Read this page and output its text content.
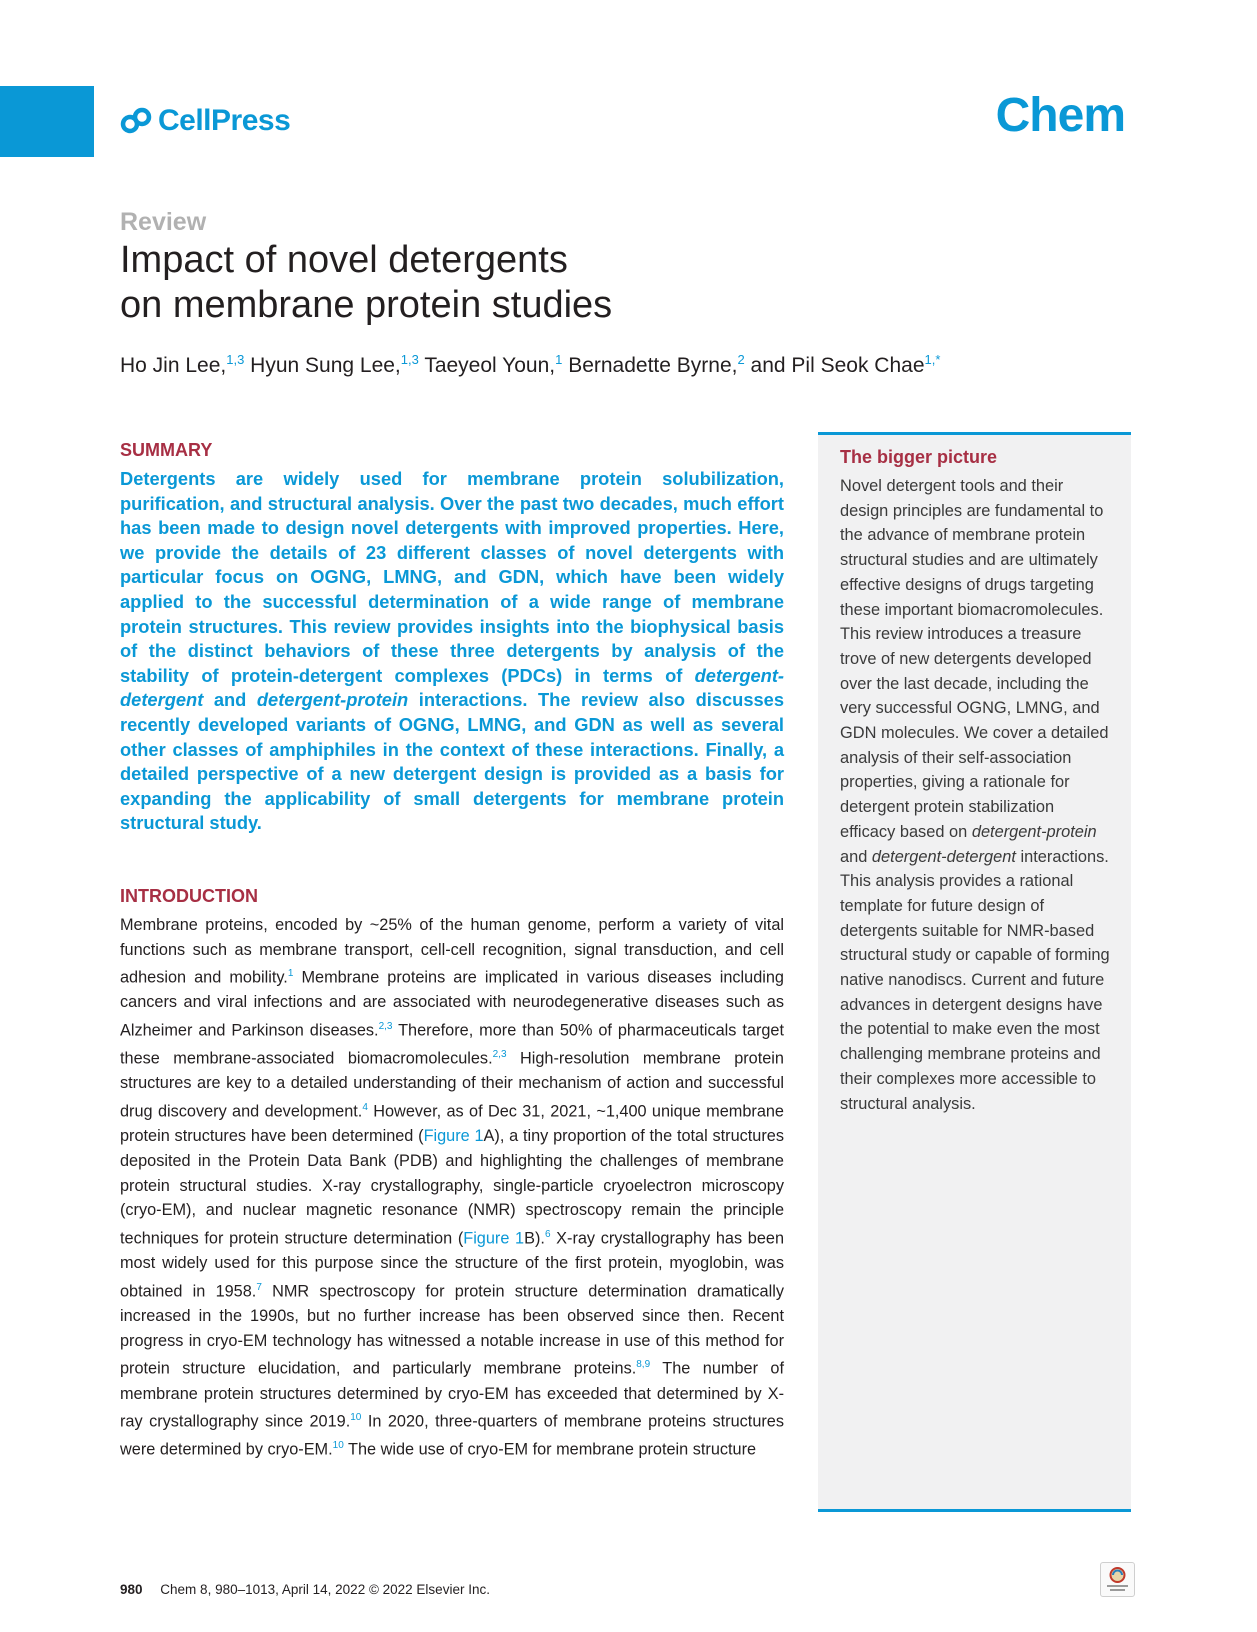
CellPress	Chem
Review
Impact of novel detergents
on membrane protein studies
Ho Jin Lee,$^{1,3}$ Hyun Sung Lee,$^{1,3}$ Taeyeol Youn,$^1$ Bernadette Byrne,$^2$ and Pil Seok Chae$^{1,*}$
SUMMARY

Detergents are widely used for membrane protein solubilization, purification, and structural analysis. Over the past two decades, much effort has been made to design novel detergents with improved properties. Here, we provide the details of 23 different classes of novel detergents with particular focus on OGNG, LMNG, and GDN, which have been widely applied to the successful determination of a wide range of membrane protein structures. This review provides insights into the biophysical basis of the distinct behaviors of these three detergents by analysis of the stability of protein-detergent complexes (PDCs) in terms of detergent-detergent and detergent-protein interactions. The review also discusses recently developed variants of OGNG, LMNG, and GDN as well as several other classes of amphiphiles in the context of these interactions. Finally, a detailed perspective of a new detergent design is provided as a basis for expanding the applicability of small detergents for membrane protein structural study.

INTRODUCTION

Membrane proteins, encoded by ~25% of the human genome, perform a variety of vital functions such as membrane transport, cell-cell recognition, signal transduction, and cell adhesion and mobility.$^1$ Membrane proteins are implicated in various diseases including cancers and viral infections and are associated with neurodegenerative diseases such as Alzheimer and Parkinson diseases.$^{2,3}$ Therefore, more than 50% of pharmaceuticals target these membrane-associated biomacromolecules.$^{2,3}$ High-resolution membrane protein structures are key to a detailed understanding of their mechanism of action and successful drug discovery and development.$^4$ However, as of Dec 31, 2021, ~1,400 unique membrane protein structures have been determined (Figure 1A), a tiny proportion of the total structures deposited in the Protein Data Bank (PDB) and highlighting the challenges of membrane protein structural studies. X-ray crystallography, single-particle cryoelectron microscopy (cryo-EM), and nuclear magnetic resonance (NMR) spectroscopy remain the principle techniques for protein structure determination (Figure 1B).$^6$ X-ray crystallography has been most widely used for this purpose since the structure of the first protein, myoglobin, was obtained in 1958.$^7$ NMR spectroscopy for protein structure determination dramatically increased in the 1990s, but no further increase has been observed since then. Recent progress in cryo-EM technology has witnessed a notable increase in use of this method for protein structure elucidation, and particularly membrane proteins.$^{8,9}$ The number of membrane protein structures determined by cryo-EM has exceeded that determined by X-ray crystallography since 2019.10 In 2020, three-quarters of membrane proteins structures were determined by cryo-EM.$^{10}$ The wide use of cryo-EM for membrane protein structure

The bigger picture

Novel detergent tools and their design principles are fundamental to the advance of membrane protein structural studies and are ultimately effective designs of drugs targeting these important biomacromolecules. This review introduces a treasure trove of new detergents developed over the last decade, including the very successful OGNG, LMNG, and GDN molecules. We cover a detailed analysis of their self-association properties, giving a rationale for detergent protein stabilization efficacy based on detergent-protein and detergent-detergent interactions. This analysis provides a rational template for future design of detergents suitable for NMR-based structural study or capable of forming native nanodiscs. Current and future advances in detergent designs have the potential to make even the most challenging membrane proteins and their complexes more accessible to structural analysis.

980 Chem 8, 980–1013, April 14, 2022 © 2022 Elsevier Inc.
